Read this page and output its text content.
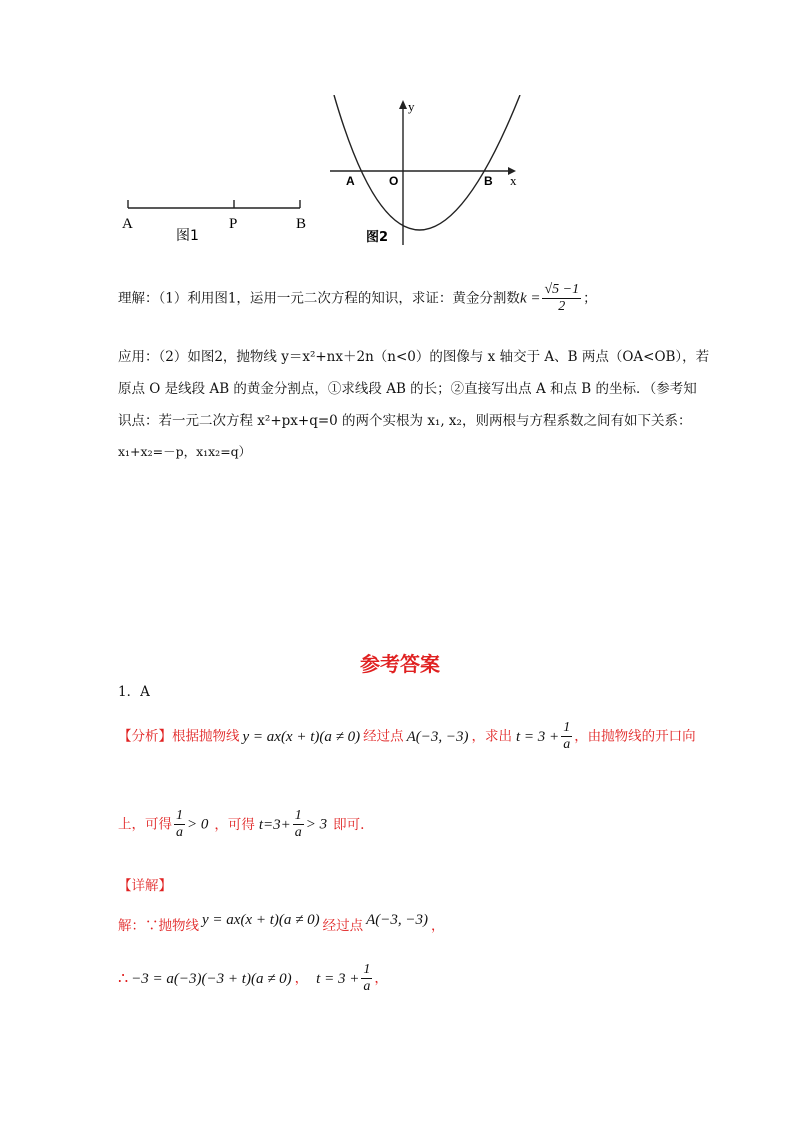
A	P	B
图1
y
x
A	O	B
图2
理解：（1）利用图1，运用一元二次方程的知识，求证：黄金分割数$k = \frac{√5 -1}{2}$ ；
应用：（2）如图2，抛物线 y＝x²+nx＋2n（n<0）的图像与 x 轴交于 A、B 两点（OA<OB），若
原点 O 是线段 AB 的黄金分割点，①求线段 AB 的长；②直接写出点 A 和点 B 的坐标．（参考知
识点：若一元二次方程 x²+px+q=0 的两个实根为 x₁, x₂，则两根与方程系数之间有如下关系：
x₁+x₂=－p，x₁x₂=q）
参考答案
1．A
【分析】根据抛物线 y = ax(x + t)(a ≠ 0) 经过点 A(−3, −3) ，求出 $t = 3 + \frac{1}{a}$ ，由抛物线的开口向
上，可得 $\frac{1}{a} > 0$ ，可得 $t=3+ \frac{1}{a} > 3$ 即可.
【详解】
解：∵抛物线 y = ax(x + t)(a ≠ 0) 经过点 A(−3, −3) ，
∴ −3 = a(−3)(−3 + t)(a ≠ 0) ， $t = 3 + \frac{1}{a}$ ，
